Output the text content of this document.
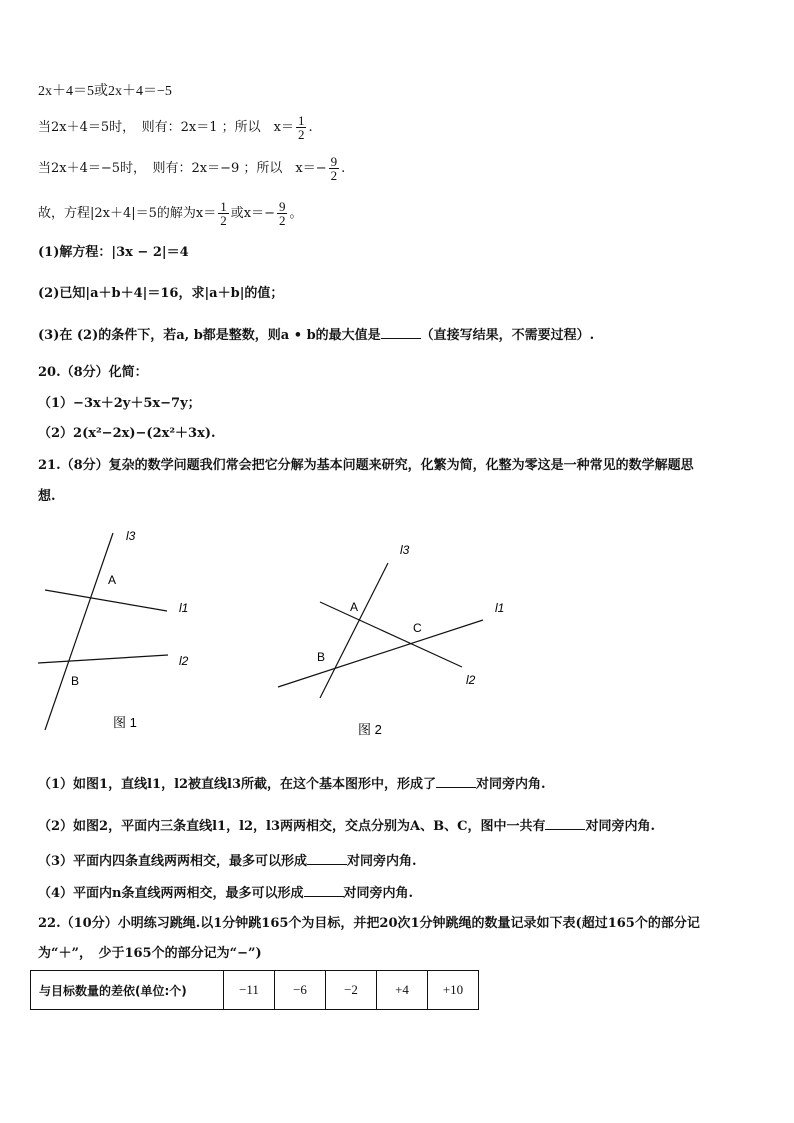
2x＋4＝5或2x＋4＝−5
当2x＋4＝5时，　则有：2x＝1 ；所以　$x= \frac{1}{2}$ .
当2x＋4＝−5时，　则有：2x＝−9 ；所以　$x=- \frac{9}{2}$ .
故，方程|2x＋4|＝5的解为$x= \frac{1}{2}$ 或$x=- \frac{9}{2}$ 。
(1)解方程：|3x − 2|＝4
(2)已知|a＋b＋4|＝16，求|a＋b|的值；
(3)在 (2)的条件下，若a, b都是整数，则a • b的最大值是	（直接写结果，不需要过程）.
20.（8分）化简：
（1）−3x＋2y＋5x−7y；
（2）2(x²−2x)−(2x²＋3x).
21.（8分）复杂的数学问题我们常会把它分解为基本问题来研究，化繁为简，化整为零这是一种常见的数学解题思
想.
l3
l1
l2
A
B
图 1
l3
l1
l2
A
B
C
图 2
（1）如图1，直线l1，l2被直线l3所截，在这个基本图形中，形成了	对同旁内角.
（2）如图2，平面内三条直线l1，l2，l3两两相交，交点分别为A、B、C，图中一共有	对同旁内角.
（3）平面内四条直线两两相交，最多可以形成	对同旁内角.
（4）平面内n条直线两两相交，最多可以形成	对同旁内角.
22.（10分）小明练习跳绳.以1分钟跳165个为目标，并把20次1分钟跳绳的数量记录如下表(超过165个的部分记
为“＋”，　少于165个的部分记为“−”)
与目标数量的差依(单位:个)	−11	−6	−2	+4	+10
